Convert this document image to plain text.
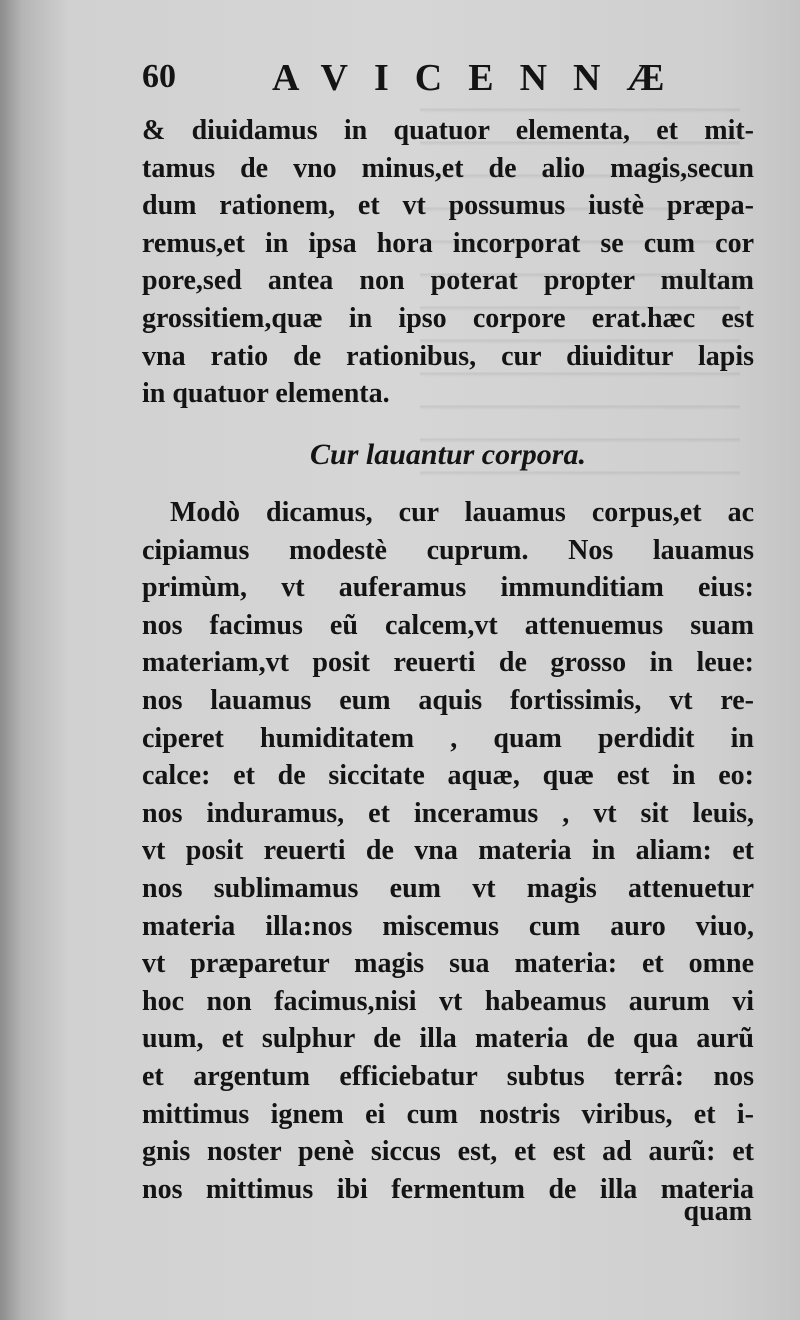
60	AVICENNÆ
& diuidamus in quatuor elementa, et mit-
tamus de vno minus,et de alio magis,secun
dum rationem, et vt possumus iustè præpa-
remus,et in ipsa hora incorporat se cum cor
pore,sed antea non poterat propter multam
grossitiem,quæ in ipso corpore erat.hæc est
vna ratio de rationibus, cur diuiditur lapis
in quatuor elementa.
Cur lauantur corpora.
Modò dicamus, cur lauamus corpus,et ac
cipiamus modestè cuprum. Nos lauamus
primùm, vt auferamus immunditiam eius:
nos facimus eũ calcem,vt attenuemus suam
materiam,vt posit reuerti de grosso in leue:
nos lauamus eum aquis fortissimis, vt re-
ciperet humiditatem , quam perdidit in
calce: et de siccitate aquæ, quæ est in eo:
nos induramus, et inceramus , vt sit leuis,
vt posit reuerti de vna materia in aliam: et
nos sublimamus eum vt magis attenuetur
materia illa:nos miscemus cum auro viuo,
vt præparetur magis sua materia: et omne
hoc non facimus,nisi vt habeamus aurum vi
uum, et sulphur de illa materia de qua aurũ
et argentum efficiebatur subtus terrâ: nos
mittimus ignem ei cum nostris viribus, et i-
gnis noster penè siccus est, et est ad aurũ: et
nos mittimus ibi fermentum de illa materia
quam
